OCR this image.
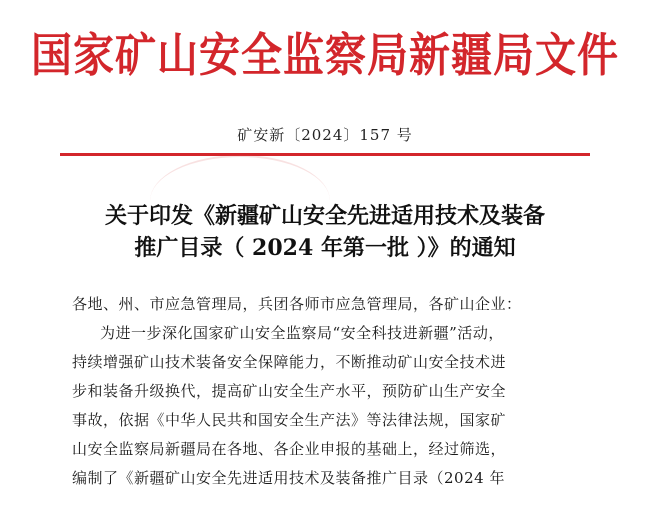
国家矿山安全监察局新疆局文件
矿安新〔2024〕157 号
关于印发《新疆矿山安全先进适用技术及装备
推广目录（ 2024 年第一批 ）》的通知
各地、州、市应急管理局，兵团各师市应急管理局，各矿山企业：
为进一步深化国家矿山安全监察局“安全科技进新疆”活动，
持续增强矿山技术装备安全保障能力，不断推动矿山安全技术进
步和装备升级换代，提高矿山安全生产水平，预防矿山生产安全
事故，依据《中华人民共和国安全生产法》等法律法规，国家矿
山安全监察局新疆局在各地、各企业申报的基础上，经过筛选，
编制了《新疆矿山安全先进适用技术及装备推广目录（2024 年
